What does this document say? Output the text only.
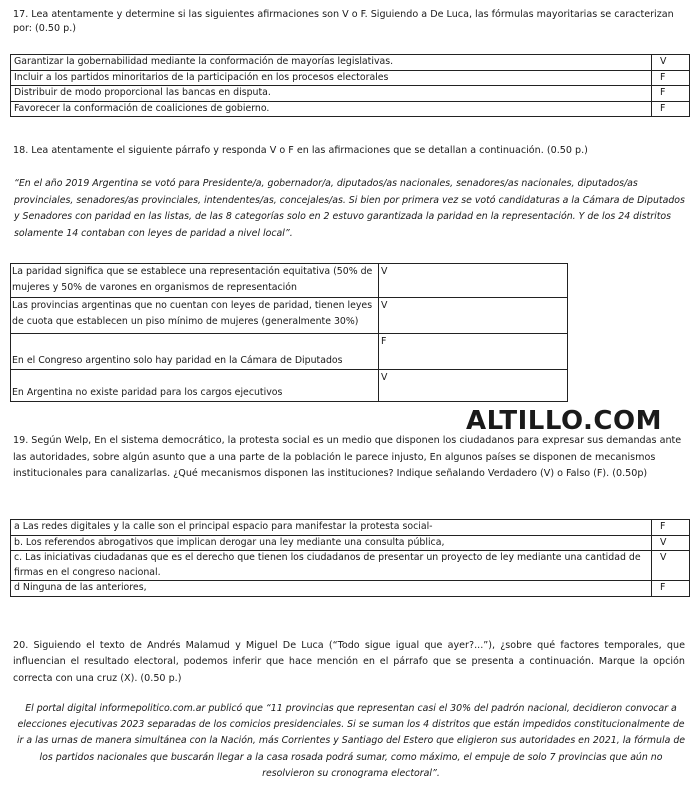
17. Lea atentamente y determine si las siguientes afirmaciones son V o F. Siguiendo a De Luca, las fórmulas mayoritarias se caracterizan por: (0.50 p.)

Garantizar la gobernabilidad mediante la conformación de mayorías legislativas.	V
Incluir a los partidos minoritarios de la participación en los procesos electorales	F
Distribuir de modo proporcional las bancas en disputa.	F
Favorecer la conformación de coaliciones de gobierno.	F

18. Lea atentamente el siguiente párrafo y responda V o F en las afirmaciones que se detallan a continuación. (0.50 p.)

“En el año 2019 Argentina se votó para Presidente/a, gobernador/a, diputados/as nacionales, senadores/as nacionales, diputados/as provinciales, senadores/as provinciales, intendentes/as, concejales/as. Si bien por primera vez se votó candidaturas a la Cámara de Diputados y Senadores con paridad en las listas, de las 8 categorías solo en 2 estuvo garantizada la paridad en la representación. Y de los 24 distritos solamente 14 contaban con leyes de paridad a nivel local”.
La paridad significa que se establece una representación equitativa (50% de mujeres y 50% de varones en organismos de representación	V
Las provincias argentinas que no cuentan con leyes de paridad, tienen leyes de cuota que establecen un piso mínimo de mujeres (generalmente 30%)	V
En el Congreso argentino solo hay paridad en la Cámara de Diputados	F
En Argentina no existe paridad para los cargos ejecutivos	V
ALTILLO.COM

19. Según Welp, En el sistema democrático, la protesta social es un medio que disponen los ciudadanos para expresar sus demandas ante las autoridades, sobre algún asunto que a una parte de la población le parece injusto, En algunos países se disponen de mecanismos institucionales para canalizarlas. ¿Qué mecanismos disponen las instituciones? Indique señalando Verdadero (V) o Falso (F). (0.50p)

a Las redes digitales y la calle son el principal espacio para manifestar la protesta social-	F
b. Los referendos abrogativos que implican derogar una ley mediante una consulta pública,	V
c. Las iniciativas ciudadanas que es el derecho que tienen los ciudadanos de presentar un proyecto de ley mediante una cantidad de firmas en el congreso nacional.	V
d Ninguna de las anteriores,	F

20. Siguiendo el texto de Andrés Malamud y Miguel De Luca (“Todo sigue igual que ayer?...”), ¿sobre qué factores temporales, que influencian el resultado electoral, podemos inferir que hace mención en el párrafo que se presenta a continuación. Marque la opción correcta con una cruz (X). (0.50 p.)

El portal digital informepolitico.com.ar publicó que “11 provincias que representan casi el 30% del padrón nacional, decidieron convocar a elecciones ejecutivas 2023 separadas de los comicios presidenciales. Si se suman los 4 distritos que están impedidos constitucionalmente de ir a las urnas de manera simultánea con la Nación, más Corrientes y Santiago del Estero que eligieron sus autoridades en 2021, la fórmula de los partidos nacionales que buscarán llegar a la casa rosada podrá sumar, como máximo, el empuje de solo 7 provincias que aún no resolvieron su cronograma electoral”.
